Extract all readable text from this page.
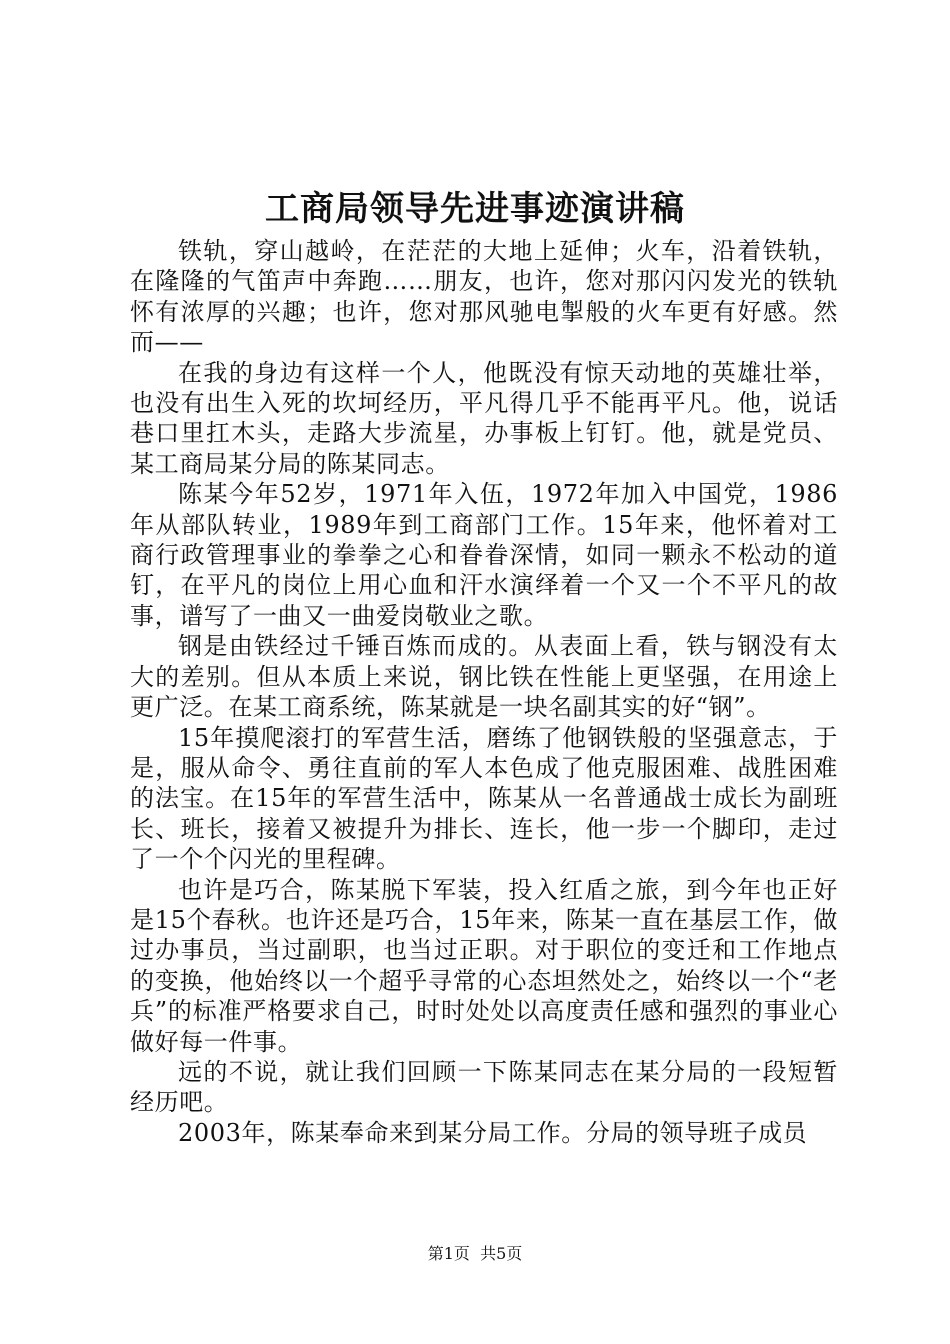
工商局领导先进事迹演讲稿

铁轨，穿山越岭，在茫茫的大地上延伸；火车，沿着铁轨，在隆隆的气笛声中奔跑……朋友，也许，您对那闪闪发光的铁轨怀有浓厚的兴趣；也许，您对那风驰电掣般的火车更有好感。然而——

在我的身边有这样一个人，他既没有惊天动地的英雄壮举，也没有出生入死的坎坷经历，平凡得几乎不能再平凡。他，说话巷口里扛木头，走路大步流星，办事板上钉钉。他，就是党员、某工商局某分局的陈某同志。

陈某今年52岁，1971年入伍，1972年加入中国党，1986年从部队转业，1989年到工商部门工作。15年来，他怀着对工商行政管理事业的拳拳之心和眷眷深情，如同一颗永不松动的道钉，在平凡的岗位上用心血和汗水演绎着一个又一个不平凡的故事，谱写了一曲又一曲爱岗敬业之歌。

钢是由铁经过千锤百炼而成的。从表面上看，铁与钢没有太大的差别。但从本质上来说，钢比铁在性能上更坚强，在用途上更广泛。在某工商系统，陈某就是一块名副其实的好“钢”。

15年摸爬滚打的军营生活，磨练了他钢铁般的坚强意志，于是，服从命令、勇往直前的军人本色成了他克服困难、战胜困难的法宝。在15年的军营生活中，陈某从一名普通战士成长为副班长、班长，接着又被提升为排长、连长，他一步一个脚印，走过了一个个闪光的里程碑。

也许是巧合，陈某脱下军装，投入红盾之旅，到今年也正好是15个春秋。也许还是巧合，15年来，陈某一直在基层工作，做过办事员，当过副职，也当过正职。对于职位的变迁和工作地点的变换，他始终以一个超乎寻常的心态坦然处之，始终以一个“老兵”的标准严格要求自己，时时处处以高度责任感和强烈的事业心做好每一件事。

远的不说，就让我们回顾一下陈某同志在某分局的一段短暂经历吧。

2003年，陈某奉命来到某分局工作。分局的领导班子成员

第1页 共5页
